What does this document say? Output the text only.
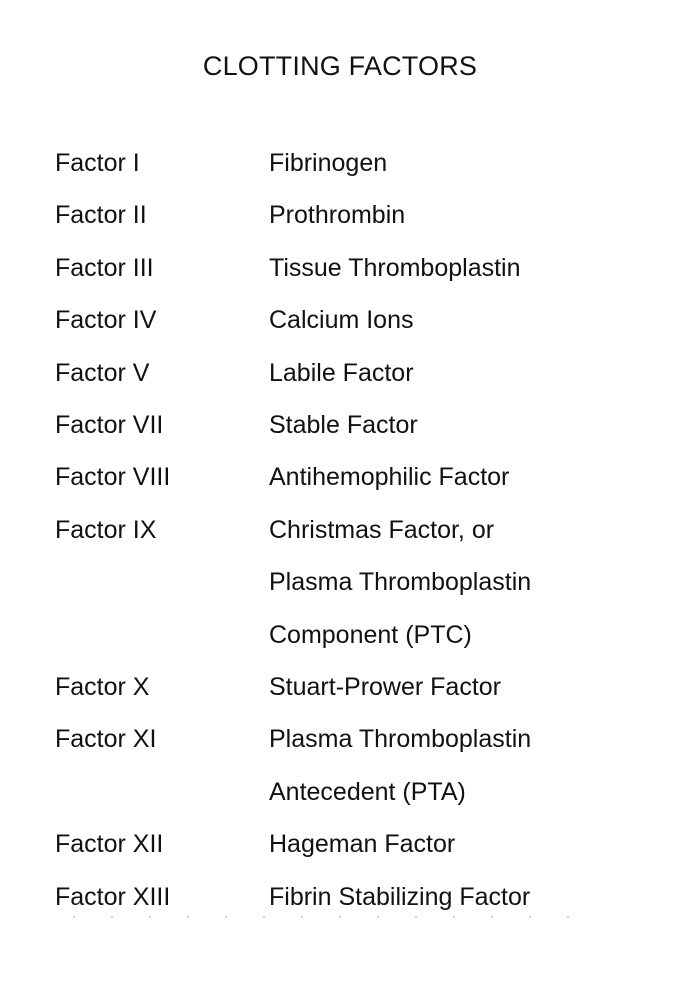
CLOTTING FACTORS
Factor I	Fibrinogen
Factor II	Prothrombin
Factor III	Tissue Thromboplastin
Factor IV	Calcium Ions
Factor V	Labile Factor
Factor VII	Stable Factor
Factor VIII	Antihemophilic Factor
Factor IX	Christmas Factor, or
Plasma Thromboplastin
Component (PTC)
Factor X	Stuart-Prower Factor
Factor XI	Plasma Thromboplastin
Antecedent (PTA)
Factor XII	Hageman Factor
Factor XIII	Fibrin Stabilizing Factor
